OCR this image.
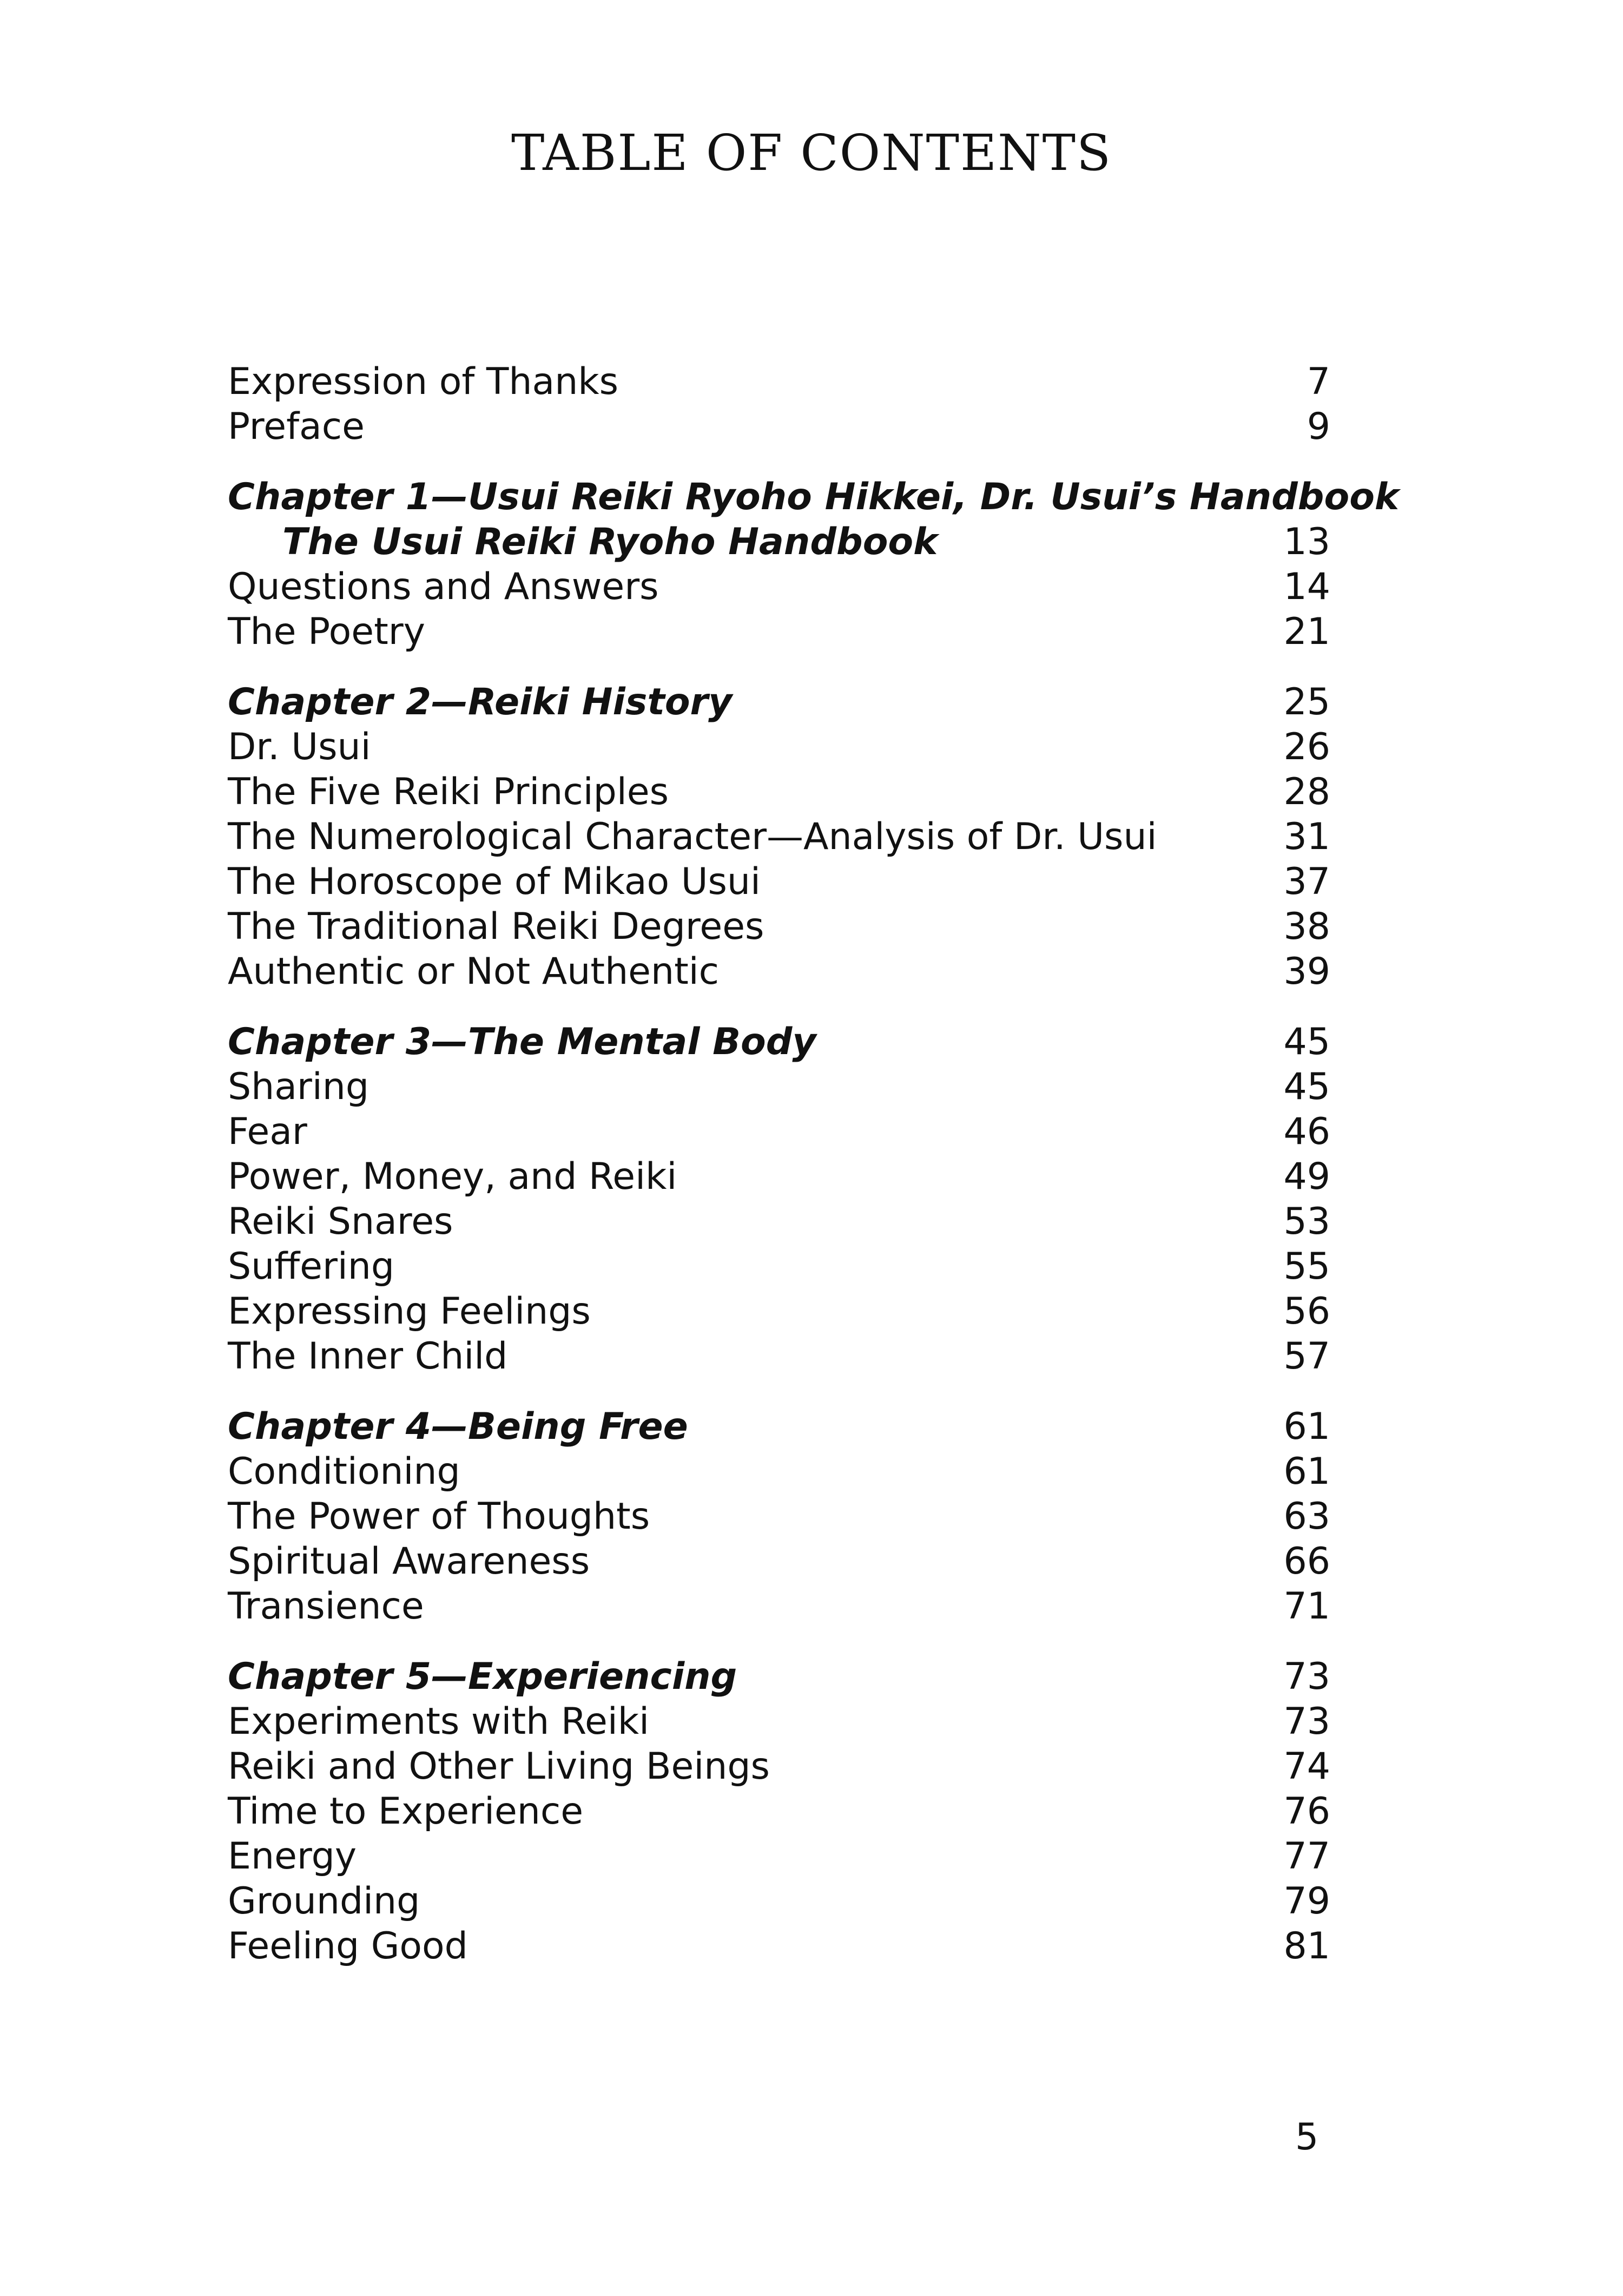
TABLE OF CONTENTS
Expression of Thanks	7
Preface	9
Chapter 1—Usui Reiki Ryoho Hikkei, Dr. Usui’s Handbook
The Usui Reiki Ryoho Handbook	13
Questions and Answers	14
The Poetry	21
Chapter 2—Reiki History	25
Dr. Usui	26
The Five Reiki Principles	28
The Numerological Character—Analysis of Dr. Usui	31
The Horoscope of Mikao Usui	37
The Traditional Reiki Degrees	38
Authentic or Not Authentic	39
Chapter 3—The Mental Body	45
Sharing	45
Fear	46
Power, Money, and Reiki	49
Reiki Snares	53
Suffering	55
Expressing Feelings	56
The Inner Child	57
Chapter 4—Being Free	61
Conditioning	61
The Power of Thoughts	63
Spiritual Awareness	66
Transience	71
Chapter 5—Experiencing	73
Experiments with Reiki	73
Reiki and Other Living Beings	74
Time to Experience	76
Energy	77
Grounding	79
Feeling Good	81
5
